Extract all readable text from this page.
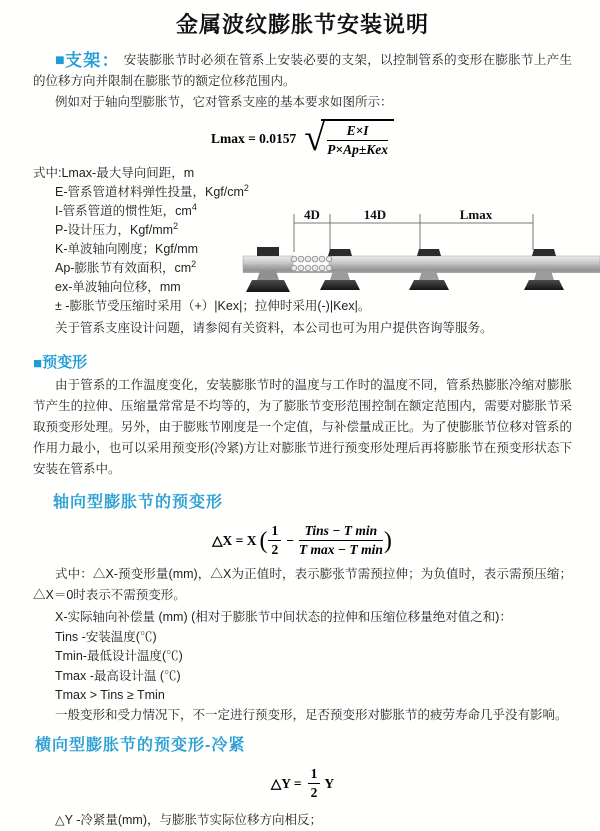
金属波纹膨胀节安装说明

■支架： 安装膨胀节时必须在管系上安装必要的支架，以控制管系的变形在膨胀节上产生的位移方向并限制在膨胀节的额定位移范围内。

例如对于轴向型膨胀节，它对管系支座的基本要求如图所示：

Lmax = 0.0157 √ $\frac{E\times I}{\text{P×Ap±Kex}}$
式中:Lmax-最大导向间距，m
E-管系管道材料弹性投量，Kgf/$cm^2$
I-管系管道的惯性矩，$cm^4$
P-设计压力，Kgf/$mm^2$
K-单波轴向刚度；Kgf/mm
Ap-膨胀节有效面积，$cm^2$
ex-单波轴向位移，mm
± -膨胀节受压缩时采用（+）|Kex|；拉伸时采用(-)|Kex|。

关于管系支座设计问题，请参阅有关资料，本公司也可为用户提供咨询等服务。

■预变形

由于管系的工作温度变化，安装膨胀节时的温度与工作时的温度不同，管系热膨胀冷缩对膨胀节产生的拉伸、压缩量常常是不均等的，为了膨胀节变形范围控制在额定范围内，需要对膨胀节采取预变形处理。另外，由于膨账节刚度是一个定值，与补偿量成正比。为了使膨胀节位移对管系的作用力最小，也可以采用预变形(冷紧)方让对膨胀节进行预变形处理后再将膨胀节在预变形状态下安装在管系中。

轴向型膨胀节的预变形
△X = X ( $\frac{1}{2} - \frac{\text{Tins − T min}}{\text{T max − T min}}$ )

式中：△X-预变形量(mm)，△X为正值时，表示膨张节需预拉伸；为负值时，表示需预压缩；△X＝0时表示不需预变形。

X-实际轴向补偿量 (mm) (相对于膨胀节中间状态的拉伸和压缩位移量绝对值之和)：
Tins -安装温度(℃)
Tmin-最低设计温度(℃)
Tmax -最高设计温 (℃)
Tmax > Tins ≥ Tmin
一般变形和受力情况下，不一定进行预变形，足否预变形对膨胀节的疲劳寿命几乎没有影响。
横向型膨胀节的预变形-冷紧
△Y = $\frac{1}{2}$ Y

△Y -冷紧量(mm)，与膨胀节实际位移方向相反；

4D	14D	Lmax
